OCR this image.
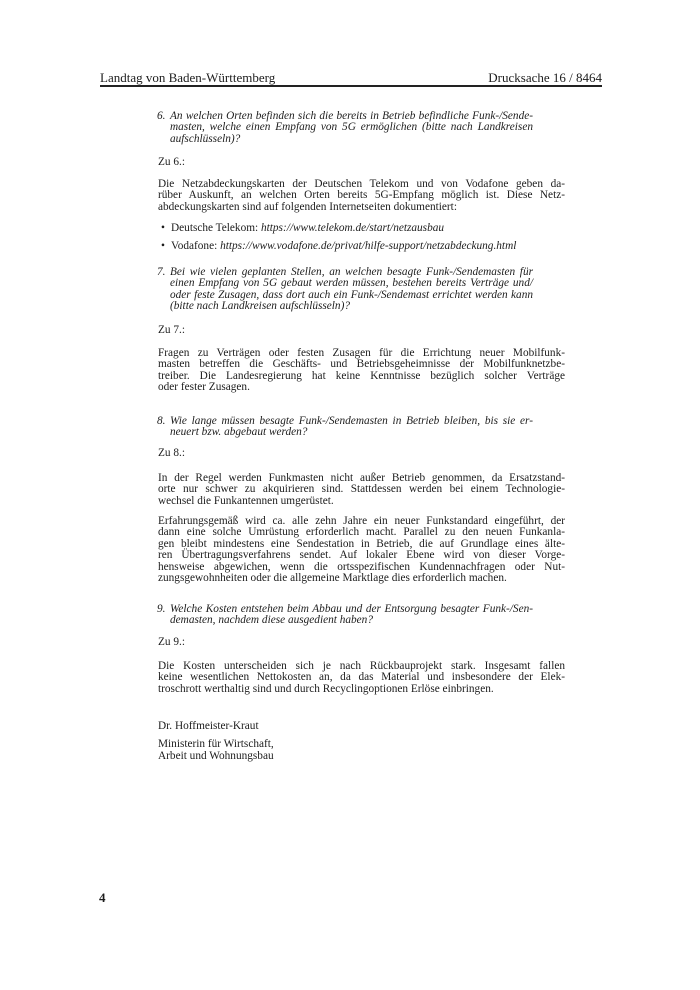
Landtag von Baden-Württemberg	Drucksache 16 / 8464
6. An welchen Orten befinden sich die bereits in Betrieb befindliche Funk-/Sende-
masten, welche einen Empfang von 5G ermöglichen (bitte nach Landkreisen
aufschlüsseln)?
Zu 6.:
Die Netzabdeckungskarten der Deutschen Telekom und von Vodafone geben da-
rüber Auskunft, an welchen Orten bereits 5G-Empfang möglich ist. Diese Netz-
abdeckungskarten sind auf folgenden Internetseiten dokumentiert:
• Deutsche Telekom: https://www.telekom.de/start/netzausbau
• Vodafone: https://www.vodafone.de/privat/hilfe-support/netzabdeckung.html
7. Bei wie vielen geplanten Stellen, an welchen besagte Funk-/Sendemasten für
einen Empfang von 5G gebaut werden müssen, bestehen bereits Verträge und/
oder feste Zusagen, dass dort auch ein Funk-/Sendemast errichtet werden kann
(bitte nach Landkreisen aufschlüsseln)?
Zu 7.:
Fragen zu Verträgen oder festen Zusagen für die Errichtung neuer Mobilfunk-
masten betreffen die Geschäfts- und Betriebsgeheimnisse der Mobilfunknetzbe-
treiber. Die Landesregierung hat keine Kenntnisse bezüglich solcher Verträge
oder fester Zusagen.
8. Wie lange müssen besagte Funk-/Sendemasten in Betrieb bleiben, bis sie er-
neuert bzw. abgebaut werden?
Zu 8.:
In der Regel werden Funkmasten nicht außer Betrieb genommen, da Ersatzstand-
orte nur schwer zu akquirieren sind. Stattdessen werden bei einem Technologie-
wechsel die Funkantennen umgerüstet.
Erfahrungsgemäß wird ca. alle zehn Jahre ein neuer Funkstandard eingeführt, der
dann eine solche Umrüstung erforderlich macht. Parallel zu den neuen Funkanla-
gen bleibt mindestens eine Sendestation in Betrieb, die auf Grundlage eines älte-
ren Übertragungsverfahrens sendet. Auf lokaler Ebene wird von dieser Vorge-
hensweise abgewichen, wenn die ortsspezifischen Kundennachfragen oder Nut-
zungsgewohnheiten oder die allgemeine Marktlage dies erforderlich machen.
9. Welche Kosten entstehen beim Abbau und der Entsorgung besagter Funk-/Sen-
demasten, nachdem diese ausgedient haben?
Zu 9.:
Die Kosten unterscheiden sich je nach Rückbauprojekt stark. Insgesamt fallen
keine wesentlichen Nettokosten an, da das Material und insbesondere der Elek-
troschrott werthaltig sind und durch Recyclingoptionen Erlöse einbringen.
Dr. Hoffmeister-Kraut
Ministerin für Wirtschaft,
Arbeit und Wohnungsbau
4
